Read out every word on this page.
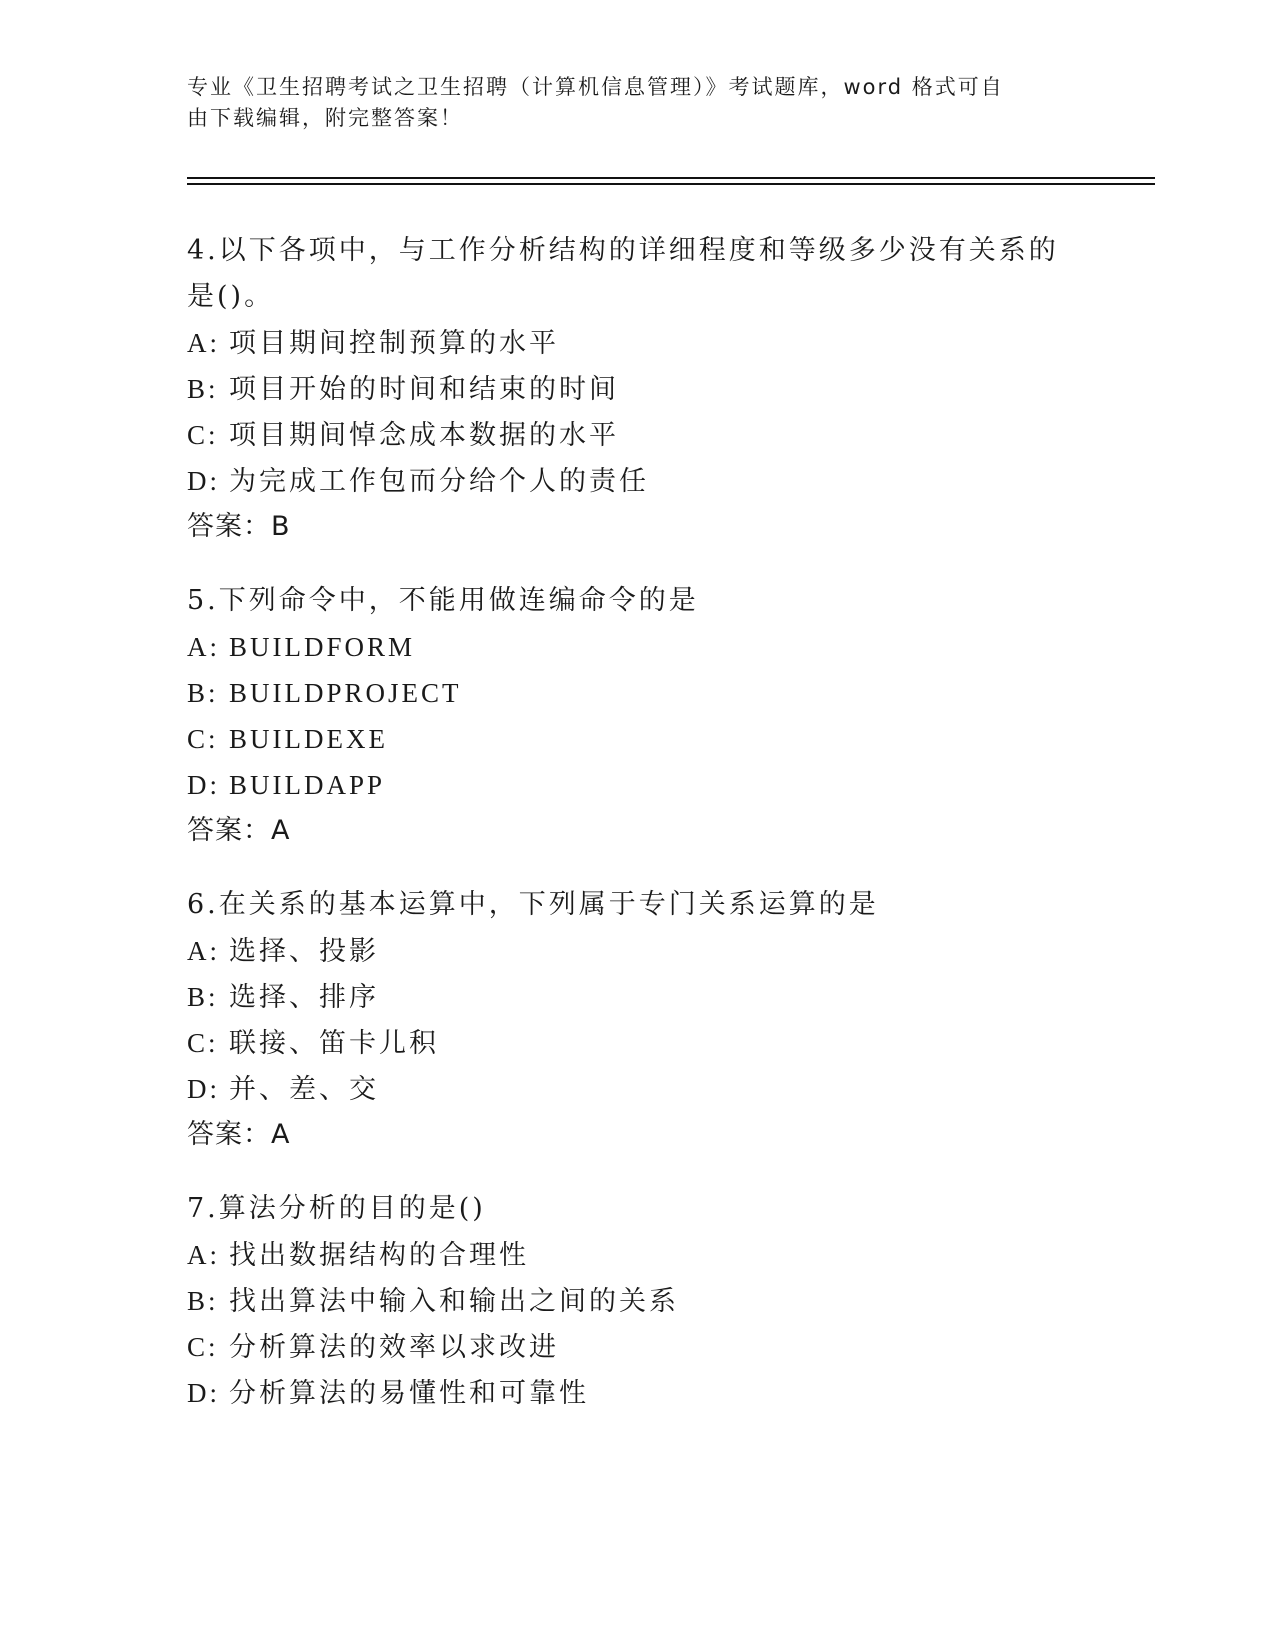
专业《卫生招聘考试之卫生招聘（计算机信息管理）》考试题库，word 格式可自
由下载编辑，附完整答案！
4.以下各项中，与工作分析结构的详细程度和等级多少没有关系的是()。
A: 项目期间控制预算的水平
B: 项目开始的时间和结束的时间
C: 项目期间悼念成本数据的水平
D: 为完成工作包而分给个人的责任
答案：B
5.下列命令中，不能用做连编命令的是
A: BUILDFORM
B: BUILDPROJECT
C: BUILDEXE
D: BUILDAPP
答案：A
6.在关系的基本运算中，下列属于专门关系运算的是
A: 选择、投影
B: 选择、排序
C: 联接、笛卡儿积
D: 并、差、交
答案：A
7.算法分析的目的是()
A: 找出数据结构的合理性
B: 找出算法中输入和输出之间的关系
C: 分析算法的效率以求改进
D: 分析算法的易懂性和可靠性
